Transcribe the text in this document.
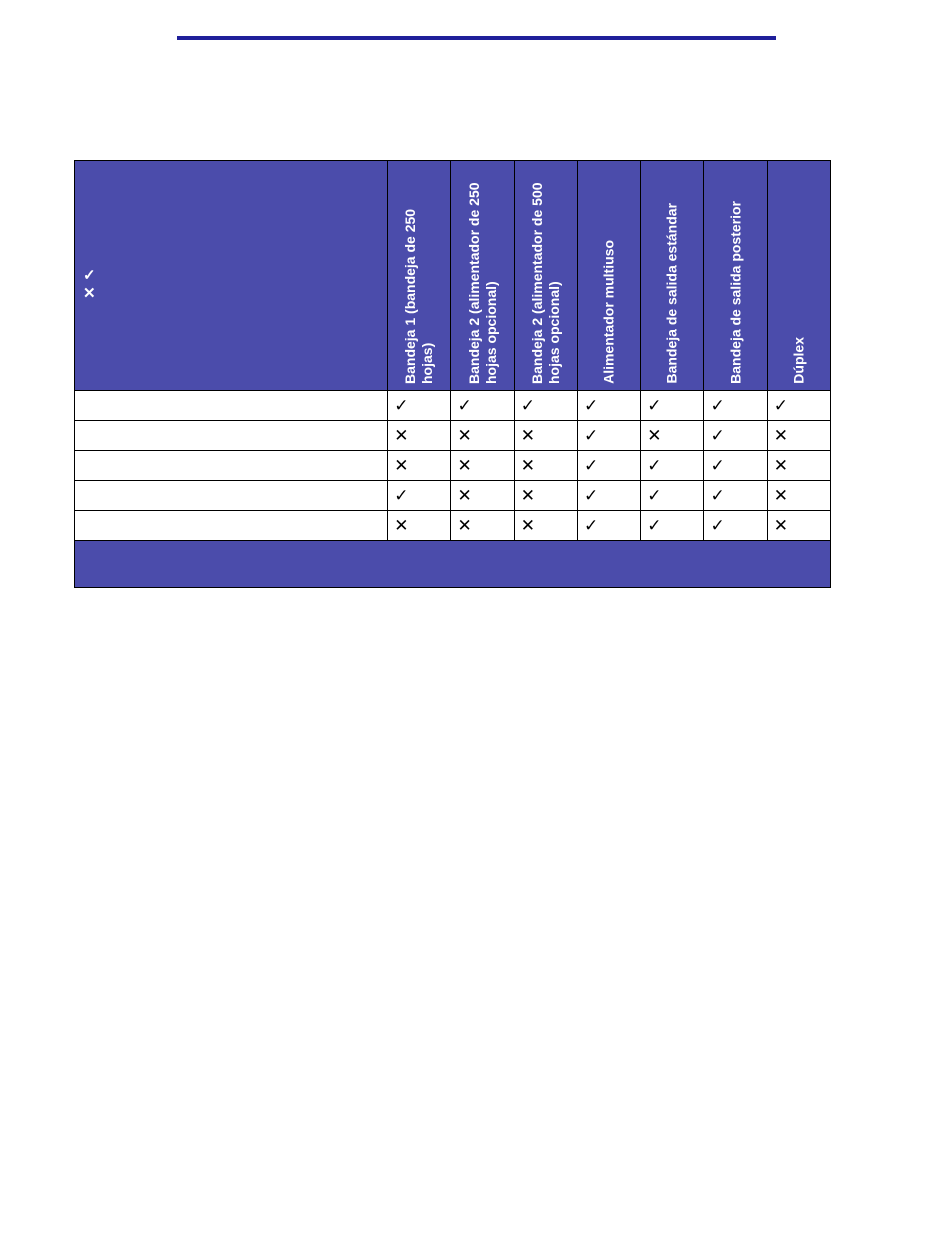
✓
✕	Bandeja 1 (bandeja de 250 hojas)	Bandeja 2 (alimentador de 250 hojas opcional)	Bandeja 2 (alimentador de 500 hojas opcional)	Alimentador multiuso	Bandeja de salida estándar	Bandeja de salida posterior	Dúplex

	✓	✓	✓	✓	✓	✓	✓
	✕	✕	✕	✓	✕	✓	✕
	✕	✕	✕	✓	✓	✓	✕
	✓	✕	✕	✓	✓	✓	✕
	✕	✕	✕	✓	✓	✓	✕
